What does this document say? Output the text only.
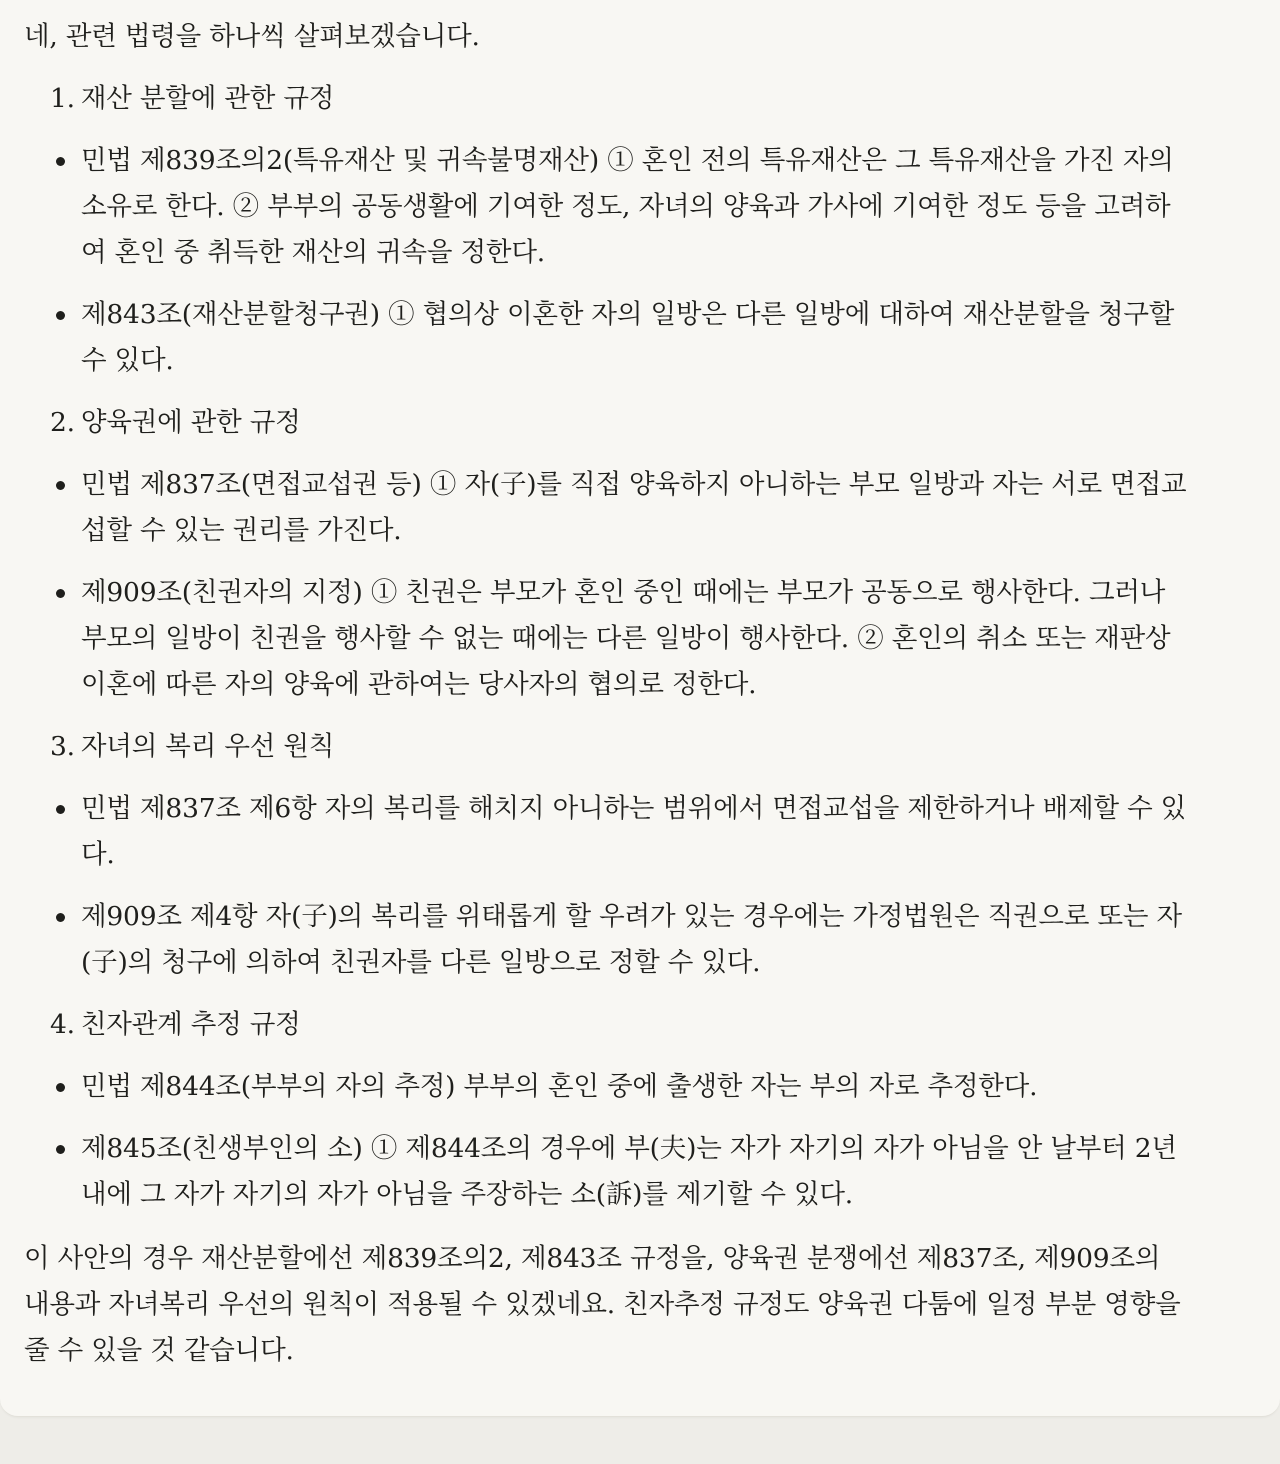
네, 관련 법령을 하나씩 살펴보겠습니다.

1. 재산 분할에 관한 규정

민법 제839조의2(특유재산 및 귀속불명재산) ① 혼인 전의 특유재산은 그 특유재산을 가진 자의 소유로 한다. ② 부부의 공동생활에 기여한 정도, 자녀의 양육과 가사에 기여한 정도 등을 고려하여 혼인 중 취득한 재산의 귀속을 정한다.
제843조(재산분할청구권) ① 협의상 이혼한 자의 일방은 다른 일방에 대하여 재산분할을 청구할 수 있다.

2. 양육권에 관한 규정

민법 제837조(면접교섭권 등) ① 자(子)를 직접 양육하지 아니하는 부모 일방과 자는 서로 면접교섭할 수 있는 권리를 가진다.
제909조(친권자의 지정) ① 친권은 부모가 혼인 중인 때에는 부모가 공동으로 행사한다. 그러나 부모의 일방이 친권을 행사할 수 없는 때에는 다른 일방이 행사한다. ② 혼인의 취소 또는 재판상 이혼에 따른 자의 양육에 관하여는 당사자의 협의로 정한다.

3. 자녀의 복리 우선 원칙

민법 제837조 제6항 자의 복리를 해치지 아니하는 범위에서 면접교섭을 제한하거나 배제할 수 있다.
제909조 제4항 자(子)의 복리를 위태롭게 할 우려가 있는 경우에는 가정법원은 직권으로 또는 자(子)의 청구에 의하여 친권자를 다른 일방으로 정할 수 있다.

4. 친자관계 추정 규정

민법 제844조(부부의 자의 추정) 부부의 혼인 중에 출생한 자는 부의 자로 추정한다.
제845조(친생부인의 소) ① 제844조의 경우에 부(夫)는 자가 자기의 자가 아님을 안 날부터 2년 내에 그 자가 자기의 자가 아님을 주장하는 소(訴)를 제기할 수 있다.

이 사안의 경우 재산분할에선 제839조의2, 제843조 규정을, 양육권 분쟁에선 제837조, 제909조의 내용과 자녀복리 우선의 원칙이 적용될 수 있겠네요. 친자추정 규정도 양육권 다툼에 일정 부분 영향을 줄 수 있을 것 같습니다.
